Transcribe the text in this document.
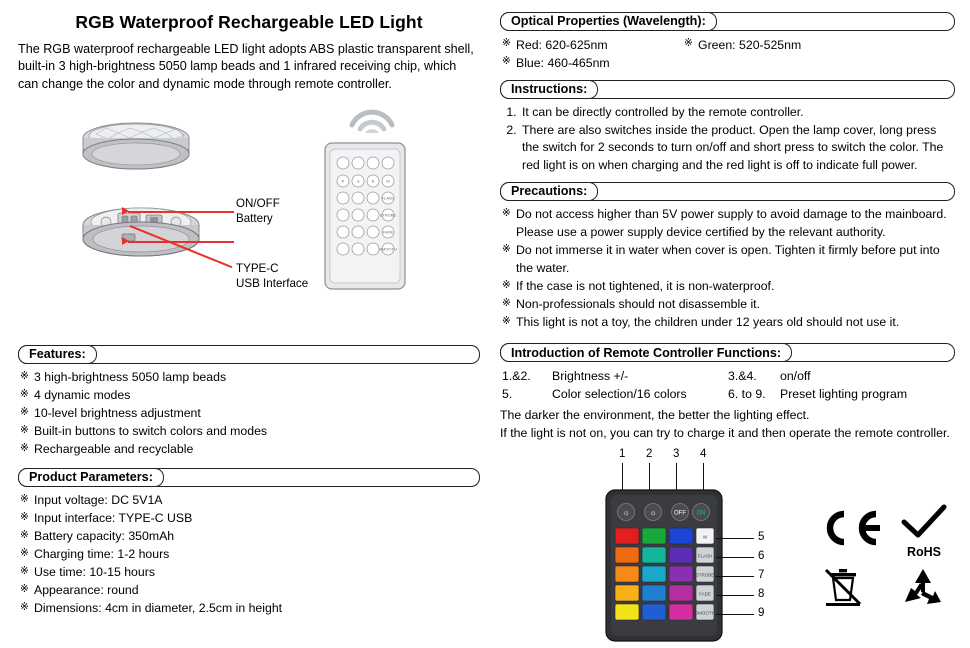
RGB Waterproof Rechargeable LED Light

The RGB waterproof rechargeable LED light adopts ABS plastic transparent shell, built-in 3 high-brightness 5050 lamp beads and 1 infrared receiving chip, which can change the color and dynamic mode through remote controller.

ON/OFF
Battery
TYPE-C
USB Interface
R	G	B	W
FLASH
STROBE
FADE
SMOOTH
Features:
※ 3 high-brightness 5050 lamp beads
※ 4 dynamic modes
※ 10-level brightness adjustment
※ Built-in buttons to switch colors and modes
※ Rechargeable and recyclable
Product Parameters:
※ Input voltage: DC 5V1A
※ Input interface: TYPE-C USB
※ Battery capacity: 350mAh
※ Charging time: 1-2 hours
※ Use time: 10-15 hours
※ Appearance: round
※ Dimensions: 4cm in diameter, 2.5cm in height
Optical Properties (Wavelength):
※ Red: 620-625nm	※ Green: 520-525nm
※ Blue: 460-465nm
Instructions:
1. It can be directly controlled by the remote controller.
2. There are also switches inside the product. Open the lamp cover, long press the switch for 2 seconds to turn on/off and short press to switch the color. The red light is on when charging and the red light is off to indicate full power.
Precautions:
※ Do not access higher than 5V power supply to avoid damage to the mainboard. Please use a power supply device certified by the relevant authority.
※ Do not immerse it in water when cover is open. Tighten it firmly before put into the water.
※ If the case is not tightened, it is non-waterproof.
※ Non-professionals should not disassemble it.
※ This light is not a toy, the children under 12 years old should not use it.
Introduction of Remote Controller Functions:
1.&2. Brightness +/-	3.&4. on/off
5.	Color selection/16 colors	6. to 9. Preset lighting program
The darker the environment, the better the lighting effect.
If the light is not on, you can try to charge it and then operate the remote controller.
1 2 3 4
OFF ON
☼ ☼
W
FLASH
STROBE
FADE
SMOOTH
5
6
7
8
9
RoHS
